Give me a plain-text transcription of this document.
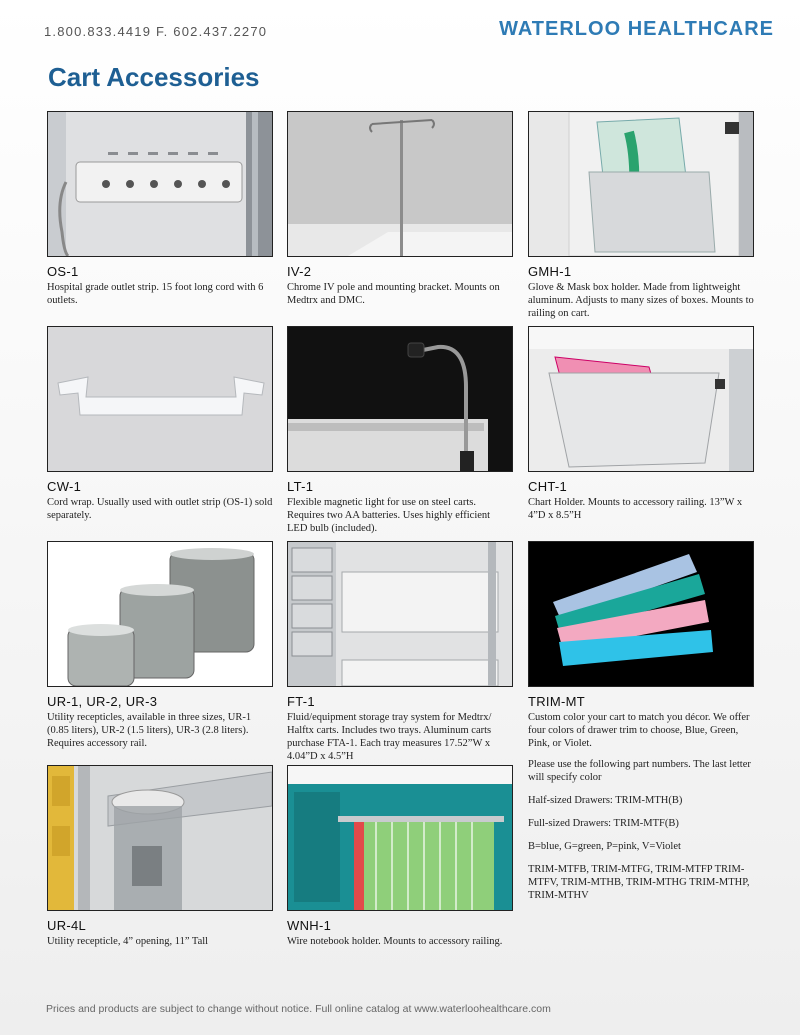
1.800.833.4419 F. 602.437.2270	WATERLOO HEALTHCARE
Cart Accessories
OS-1
Hospital grade outlet strip. 15 foot long cord with 6 outlets.
IV-2
Chrome IV pole and mounting bracket. Mounts on Medtrx and DMC.
GMH-1
Glove & Mask box holder. Made from lightweight aluminum. Adjusts to many sizes of boxes. Mounts to railing on cart.
CW-1
Cord wrap. Usually used with outlet strip (OS-1) sold separately.
LT-1
Flexible magnetic light for use on steel carts. Requires two AA batteries. Uses highly efficient LED bulb (included).
CHT-1
Chart Holder. Mounts to accessory railing. 13”W x 4”D x 8.5”H
UR-1, UR-2, UR-3
Utility recepticles, available in three sizes, UR-1 (0.85 liters), UR-2 (1.5 liters), UR-3 (2.8 liters). Requires accessory rail.
FT-1
Fluid/equipment storage tray system for Medtrx/ Halftx carts. Includes two trays. Aluminum carts purchase FTA-1. Each tray measures 17.52”W x 4.04”D x 4.5”H
TRIM-MT
Custom color your cart to match you décor. We offer four colors of drawer trim to choose, Blue, Green, Pink, or Violet.

Please use the following part numbers. The last letter will specify color

Half-sized Drawers: TRIM-MTH(B)

Full-sized Drawers: TRIM-MTF(B)

B=blue, G=green, P=pink, V=Violet

TRIM-MTFB, TRIM-MTFG, TRIM-MTFP TRIM-MTFV, TRIM-MTHB, TRIM-MTHG TRIM-MTHP, TRIM-MTHV

UR-4L
Utility recepticle, 4” opening, 11” Tall
WNH-1
Wire notebook holder. Mounts to accessory railing.
Prices and products are subject to change without notice. Full online catalog at www.waterloohealthcare.com
